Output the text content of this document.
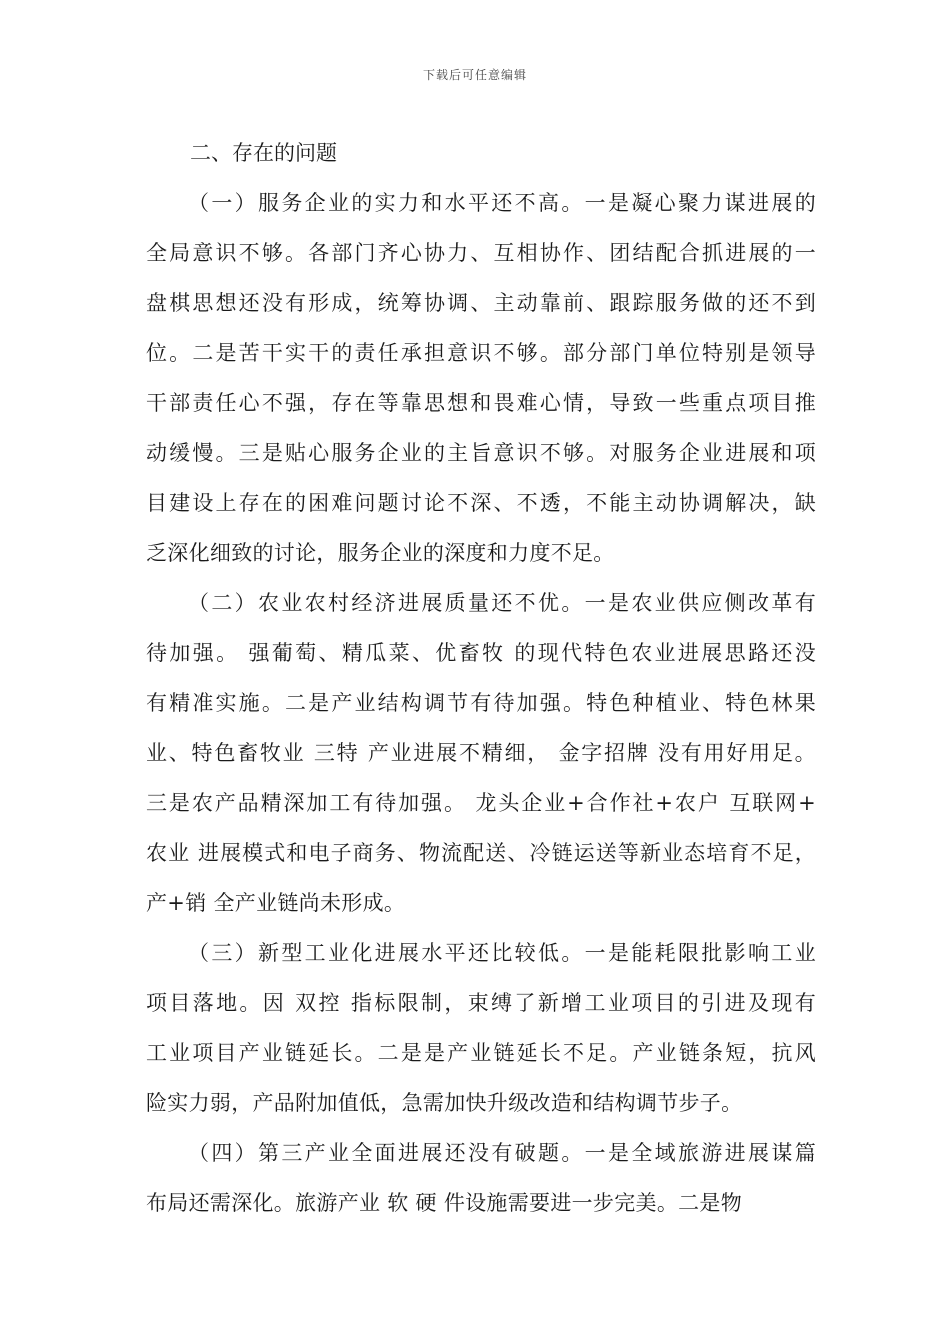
下载后可任意编辑

二、存在的问题

（一）服务企业的实力和水平还不高。一是凝心聚力谋进展的

全局意识不够。各部门齐心协力、互相协作、团结配合抓进展的一

盘棋思想还没有形成，统筹协调、主动靠前、跟踪服务做的还不到

位。二是苦干实干的责任承担意识不够。部分部门单位特别是领导

干部责任心不强，存在等靠思想和畏难心情，导致一些重点项目推

动缓慢。三是贴心服务企业的主旨意识不够。对服务企业进展和项

目建设上存在的困难问题讨论不深、不透，不能主动协调解决，缺

乏深化细致的讨论，服务企业的深度和力度不足。

（二）农业农村经济进展质量还不优。一是农业供应侧改革有

待加强。 强葡萄、精瓜菜、优畜牧 的现代特色农业进展思路还没

有精准实施。二是产业结构调节有待加强。特色种植业、特色林果

业、特色畜牧业 三特 产业进展不精细， 金字招牌 没有用好用足。

三是农产品精深加工有待加强。 龙头企业+合作社+农户 互联网+

农业 进展模式和电子商务、物流配送、冷链运送等新业态培育不足，

产+销 全产业链尚未形成。

（三）新型工业化进展水平还比较低。一是能耗限批影响工业

项目落地。因 双控 指标限制，束缚了新增工业项目的引进及现有

工业项目产业链延长。二是是产业链延长不足。产业链条短，抗风

险实力弱，产品附加值低，急需加快升级改造和结构调节步子。

（四）第三产业全面进展还没有破题。一是全域旅游进展谋篇

布局还需深化。旅游产业 软 硬 件设施需要进一步完美。二是物
